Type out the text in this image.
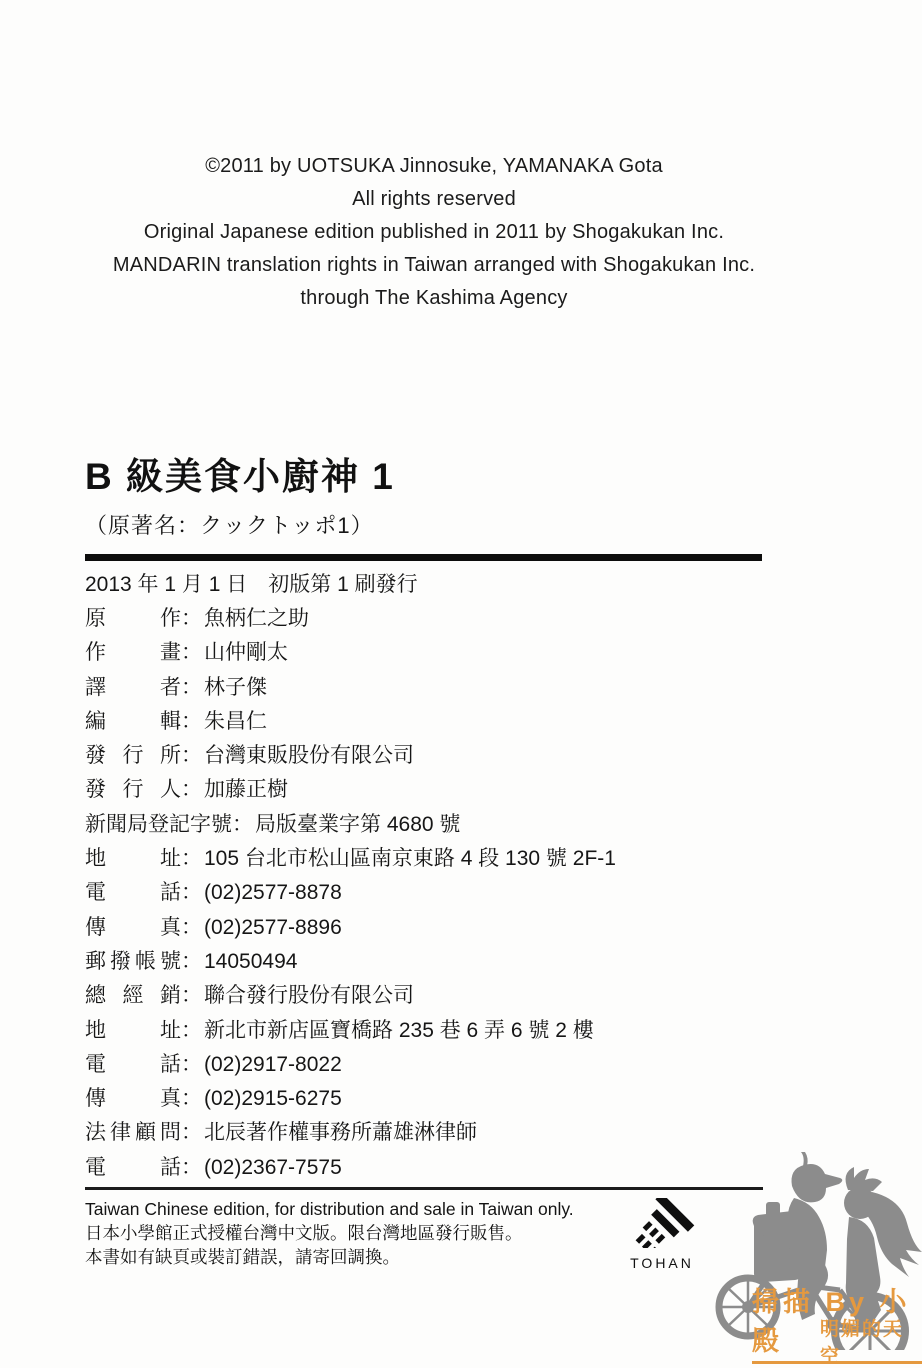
©2011 by UOTSUKA Jinnosuke, YAMANAKA Gota
All rights reserved
Original Japanese edition published in 2011 by Shogakukan Inc.
MANDARIN translation rights in Taiwan arranged with Shogakukan Inc.
through The Kashima Agency
B 級美食小廚神 1
（原著名：クックトッポ1）
2013 年 1 月 1 日　初版第 1 刷發行
原作：魚柄仁之助
作畫：山仲剛太
譯者：林子傑
編輯：朱昌仁
發行所：台灣東販股份有限公司
發行人：加藤正樹
新聞局登記字號：局版臺業字第 4680 號
地址：105 台北市松山區南京東路 4 段 130 號 2F-1
電話：(02)2577-8878
傳真：(02)2577-8896
郵撥帳號：14050494
總經銷：聯合發行股份有限公司
地址：新北市新店區寶橋路 235 巷 6 弄 6 號 2 樓
電話：(02)2917-8022
傳真：(02)2915-6275
法律顧問：北辰著作權事務所蕭雄淋律師
電話：(02)2367-7575
Taiwan Chinese edition, for distribution and sale in Taiwan only.
日本小學館正式授權台灣中文版。限台灣地區發行販售。
本書如有缺頁或裝訂錯誤，請寄回調換。	TOHAN
掃描 By 小殿	明媚的天空
